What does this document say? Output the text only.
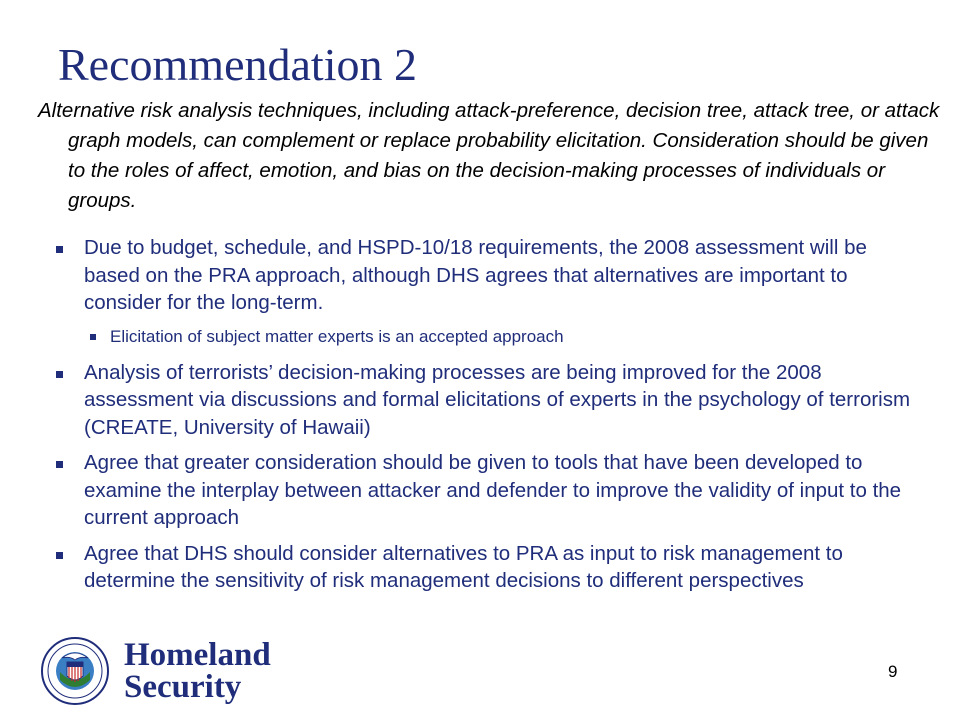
Recommendation 2
Alternative risk analysis techniques, including attack-preference, decision tree, attack tree, or attack graph models, can complement or replace probability elicitation. Consideration should be given to the roles of affect, emotion, and bias on the decision-making processes of individuals or groups.
Due to budget, schedule, and HSPD-10/18 requirements, the 2008 assessment will be based on the PRA approach, although DHS agrees that alternatives are important to consider for the long-term.
Elicitation of subject matter experts is an accepted approach
Analysis of terrorists’ decision-making processes are being improved for the 2008 assessment via discussions and formal elicitations of experts in the psychology of terrorism (CREATE, University of Hawaii)
Agree that greater consideration should be given to tools that have been developed to examine the interplay between attacker and defender to improve the validity of input to the current approach
Agree that DHS should consider alternatives to PRA as input to risk management to determine the sensitivity of risk management decisions to different perspectives
Homeland
Security	9
